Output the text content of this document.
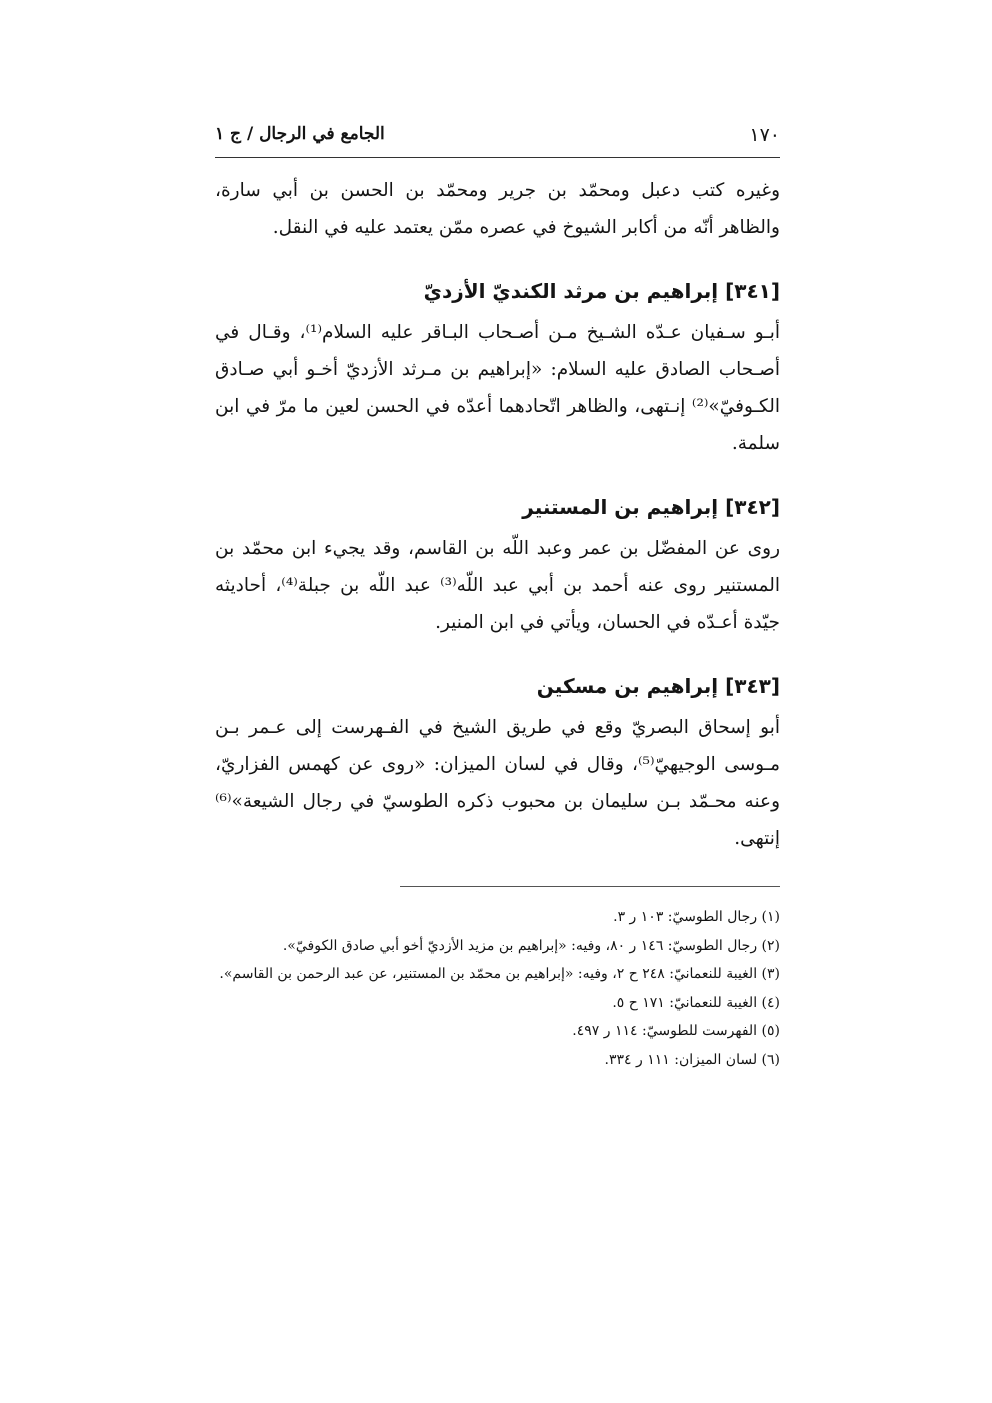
١٧٠
الجامع في الرجال / ج ١

وغيره كتب دعبل ومحمّد بن جرير ومحمّد بن الحسن بن أبي سارة، والظاهر أنّه من أكابر الشيوخ في عصره ممّن يعتمد عليه في النقل.

[٣٤١] إبراهيم بن مرثد الكنديّ الأزديّ

أبـو سـفيان عـدّه الشـيخ مـن أصـحاب البـاقر عليه السلام⁽¹⁾، وقـال في أصـحاب الصادق عليه السلام: «إبراهيم بن مـرثد الأزديّ أخـو أبي صـادق الكـوفيّ»⁽²⁾ إنـتهى، والظاهر اتّحادهما أعدّه في الحسن لعين ما مرّ في ابن سلمة.

[٣٤٢] إبراهيم بن المستنير

روى عن المفضّل بن عمر وعبد اللّه بن القاسم، وقد يجيء ابن محمّد بن المستنير روى عنه أحمد بن أبي عبد اللّه⁽³⁾ عبد اللّه بن جبلة⁽⁴⁾، أحاديثه جيّدة أعـدّه في الحسان، ويأتي في ابن المنير.

[٣٤٣] إبراهيم بن مسكين

أبو إسحاق البصريّ وقع في طريق الشيخ في الفـهرست إلى عـمر بـن مـوسى الوجيهيّ⁽⁵⁾، وقال في لسان الميزان: «روى عن كهمس الفزاريّ، وعنه محـمّد بـن سليمان بن محبوب ذكره الطوسيّ في رجال الشيعة»⁽⁶⁾ إنتهى.

(١) رجال الطوسيّ: ١٠٣ ر ٣.

(٢) رجال الطوسيّ: ١٤٦ ر ٨٠، وفيه: «إبراهيم بن مزيد الأزديّ أخو أبي صادق الكوفيّ».

(٣) الغيبة للنعمانيّ: ٢٤٨ ح ٢، وفيه: «إبراهيم بن محمّد بن المستنير، عن عبد الرحمن بن القاسم».

(٤) الغيبة للنعمانيّ: ١٧١ ح ٥.

(٥) الفهرست للطوسيّ: ١١٤ ر ٤٩٧.

(٦) لسان الميزان: ١١١ ر ٣٣٤.
